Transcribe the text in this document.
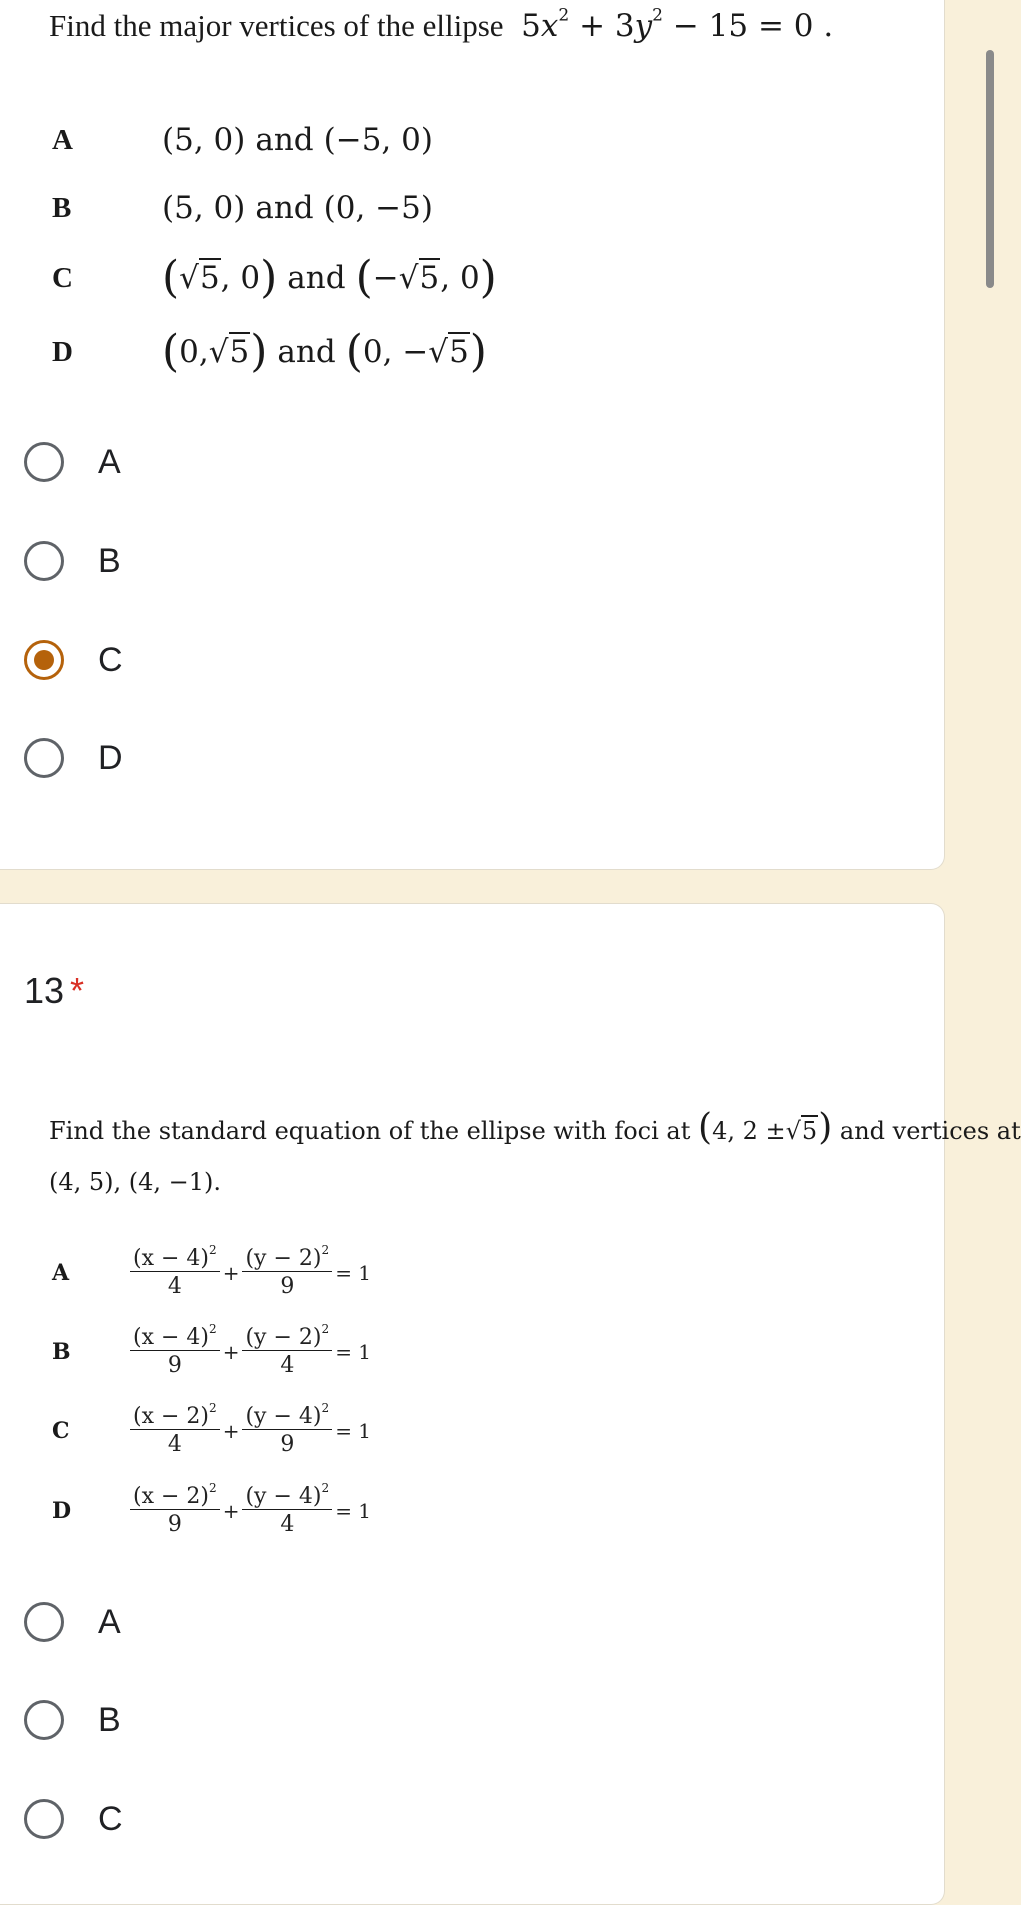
Find the major vertices of the ellipse $5x^2 + 3y^2 - 15 = 0$ .
A	(5, 0) and (−5, 0)
B	(5, 0) and (0, −5)
C	( √5 , 0 ) and ( − √5 , 0 )
D	( 0, √5 ) and ( 0, − √5 )
A
B
C
D
13 *
Find the standard equation of the ellipse with foci at (4, 2 ±√5) and vertices at
(4, 5), (4, −1).
A	$\frac{(x - 4)^2}{4} + \frac{(y - 2)^2}{9} = 1$
B	$\frac{(x - 4)^2}{9} + \frac{(y - 2)^2}{4} = 1$
C	$\frac{(x - 2)^2}{4} + \frac{(y - 4)^2}{9} = 1$
D	$\frac{(x - 2)^2}{9} + \frac{(y - 4)^2}{4} = 1$
A
B
C
